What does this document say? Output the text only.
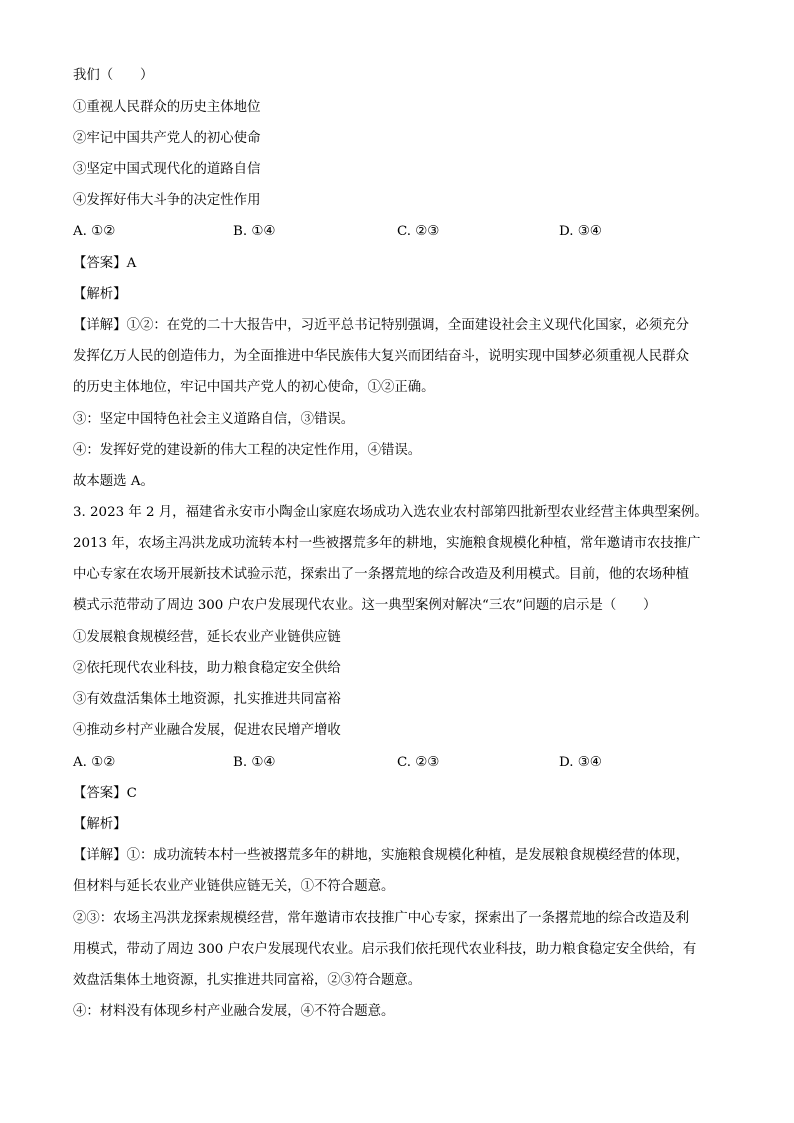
我们（　　）
①重视人民群众的历史主体地位
②牢记中国共产党人的初心使命
③坚定中国式现代化的道路自信
④发挥好伟大斗争的决定性作用
A. ①②	B. ①④	C. ②③	D. ③④
【答案】A
【解析】
【详解】①②：在党的二十大报告中，习近平总书记特别强调，全面建设社会主义现代化国家，必须充分
发挥亿万人民的创造伟力，为全面推进中华民族伟大复兴而团结奋斗，说明实现中国梦必须重视人民群众
的历史主体地位，牢记中国共产党人的初心使命，①②正确。
③：坚定中国特色社会主义道路自信，③错误。
④：发挥好党的建设新的伟大工程的决定性作用，④错误。
故本题选 A。
3. 2023 年 2 月，福建省永安市小陶金山家庭农场成功入选农业农村部第四批新型农业经营主体典型案例。
2013 年，农场主冯洪龙成功流转本村一些被撂荒多年的耕地，实施粮食规模化种植，常年邀请市农技推广
中心专家在农场开展新技术试验示范，探索出了一条撂荒地的综合改造及利用模式。目前，他的农场种植
模式示范带动了周边 300 户农户发展现代农业。这一典型案例对解决“三农”问题的启示是（　　）
①发展粮食规模经营，延长农业产业链供应链
②依托现代农业科技，助力粮食稳定安全供给
③有效盘活集体土地资源，扎实推进共同富裕
④推动乡村产业融合发展，促进农民增产增收
A. ①②	B. ①④	C. ②③	D. ③④
【答案】C
【解析】
【详解】①：成功流转本村一些被撂荒多年的耕地，实施粮食规模化种植，是发展粮食规模经营的体现，
但材料与延长农业产业链供应链无关，①不符合题意。
②③：农场主冯洪龙探索规模经营，常年邀请市农技推广中心专家，探索出了一条撂荒地的综合改造及利
用模式，带动了周边 300 户农户发展现代农业。启示我们依托现代农业科技，助力粮食稳定安全供给，有
效盘活集体土地资源，扎实推进共同富裕，②③符合题意。
④：材料没有体现乡村产业融合发展，④不符合题意。
